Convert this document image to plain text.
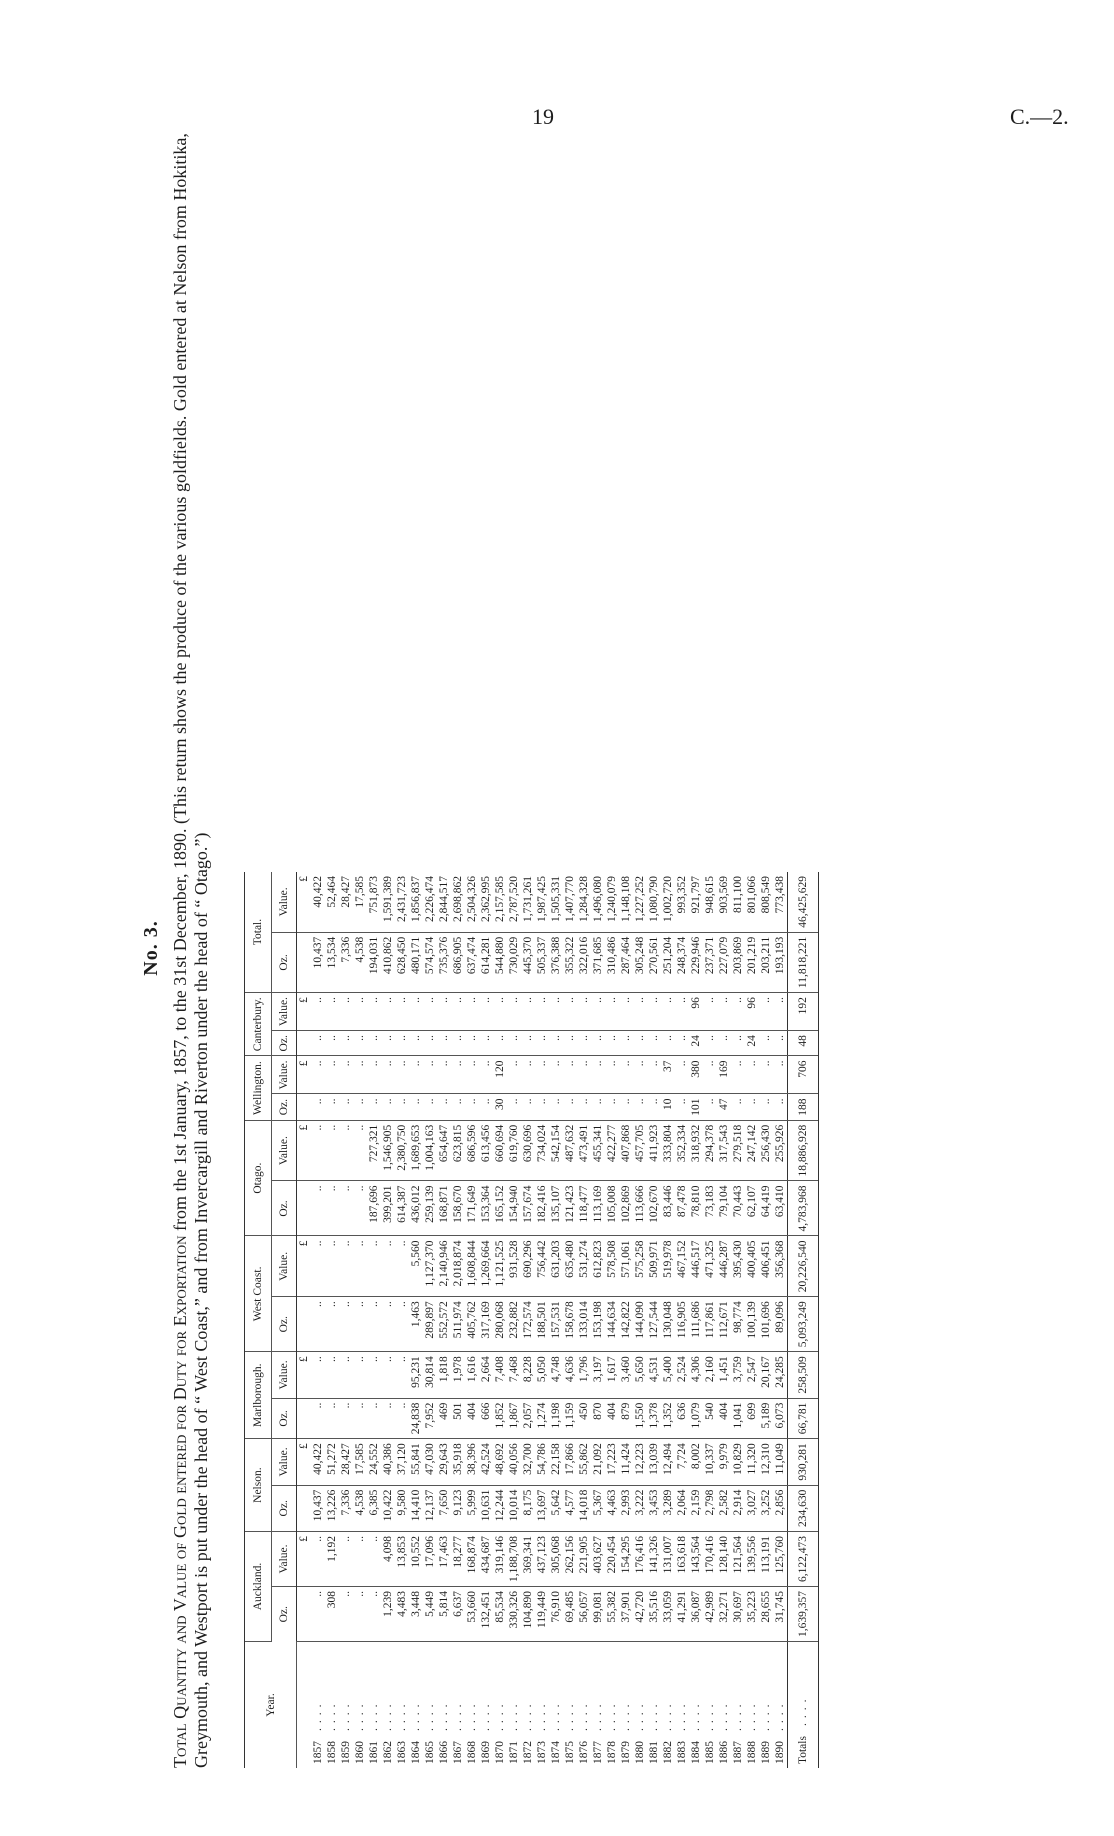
19	C.—2.
No. 3.
Total Quantity and Value of Gold entered for Duty for Exportation from the 1st January, 1857, to the 31st December, 1890. (This return shows the produce of the various goldfields. Gold entered at Nelson from Hokitika, Greymouth, and Westport is put under the head of “ West Coast,” and from Invercargill and Riverton under the head of “ Otago.”)	Year.	Auckland.		Nelson.		Marlborough.		West Coast.		Otago.		Wellington.		Canterbury.		Total.	
	Oz.	Value.	Oz.	Value.	Oz.	Value.	Oz.	Value.	Oz.	Value.	Oz.	Value.	Oz.	Value.	Oz.	Value.
		£		£		£		£		£		£		£		£
1857....	..	..	10,437	40,422	..	..	..	..	..	..	..	..	..	..	10,437	40,422
1858....	308	1,192	13,226	51,272	..	..	..	..	..	..	..	..	..	..	13,534	52,464
1859....	..	..	7,336	28,427	..	..	..	..	..	..	..	..	..	..	7,336	28,427
1860....	..	..	4,538	17,585	..	..	..	..	..	..	..	..	..	..	4,538	17,585
1861....	..	..	6,385	24,552	..	..	..	..	187,696	727,321	..	..	..	..	194,031	751,873
1862....	1,239	4,098	10,422	40,386	..	..	..	..	399,201	1,546,905	..	..	..	..	410,862	1,591,389
1863....	4,483	13,853	9,580	37,120	..	..	..	..	614,387	2,380,750	..	..	..	..	628,450	2,431,723
1864....	3,448	10,552	14,410	55,841	24,838	95,231	1,463	5,560	436,012	1,689,653	..	..	..	..	480,171	1,856,837
1865....	5,449	17,096	12,137	47,030	7,952	30,814	289,897	1,127,370	259,139	1,004,163	..	..	..	..	574,574	2,226,474
1866....	5,814	17,463	7,650	29,643	469	1,818	552,572	2,140,946	168,871	654,647	..	..	..	..	735,376	2,844,517
1867....	6,637	18,277	9,123	35,918	501	1,978	511,974	2,018,874	158,670	623,815	..	..	..	..	686,905	2,698,862
1868....	53,660	168,874	5,999	38,396	404	1,616	405,762	1,608,844	171,649	686,596	..	..	..	..	637,474	2,504,326
1869....	132,451	434,687	10,631	42,524	666	2,664	317,169	1,269,664	153,364	613,456	..	..	..	..	614,281	2,362,995
1870....	85,534	319,146	12,244	48,692	1,852	7,408	280,068	1,121,525	165,152	660,694	30	120	..	..	544,880	2,157,585
1871....	330,326	1,188,708	10,014	40,056	1,867	7,468	232,882	931,528	154,940	619,760	..	..	..	..	730,029	2,787,520
1872....	104,890	369,341	8,175	32,700	2,057	8,228	172,574	690,296	157,674	630,696	..	..	..	..	445,370	1,731,261
1873....	119,449	437,123	13,697	54,786	1,274	5,050	188,501	756,442	182,416	734,024	..	..	..	..	505,337	1,987,425
1874....	76,910	305,068	5,642	22,158	1,198	4,748	157,531	631,203	135,107	542,154	..	..	..	..	376,388	1,505,331
1875....	69,485	262,156	4,577	17,866	1,159	4,636	158,678	635,480	121,423	487,632	..	..	..	..	355,322	1,407,770
1876....	56,057	221,905	14,018	55,862	450	1,796	133,014	531,274	118,477	473,491	..	..	..	..	322,016	1,284,328
1877....	99,081	403,627	5,367	21,092	870	3,197	153,198	612,823	113,169	455,341	..	..	..	..	371,685	1,496,080
1878....	55,382	220,454	4,463	17,223	404	1,617	144,634	578,508	105,008	422,277	..	..	..	..	310,486	1,240,079
1879....	37,901	154,295	2,993	11,424	879	3,460	142,822	571,061	102,869	407,868	..	..	..	..	287,464	1,148,108
1880....	42,720	176,416	3,222	12,223	1,550	5,650	144,090	575,258	113,666	457,705	..	..	..	..	305,248	1,227,252
1881....	35,516	141,326	3,453	13,039	1,378	4,531	127,544	509,971	102,670	411,923	..	..	..	..	270,561	1,080,790
1882....	33,059	131,007	3,289	12,494	1,352	5,400	130,048	519,978	83,446	333,804	10	37	..	..	251,204	1,002,720
1883....	41,291	163,618	2,064	7,724	636	2,524	116,905	467,152	87,478	352,334	..	..	..	..	248,374	993,352
1884....	36,087	143,564	2,159	8,002	1,079	4,306	111,686	446,517	78,810	318,932	101	380	24	96	229,946	921,797
1885....	42,989	170,416	2,798	10,337	540	2,160	117,861	471,325	73,183	294,378	..	..	..	..	237,371	948,615
1886....	32,271	128,140	2,582	9,979	404	1,451	112,671	446,287	79,104	317,543	47	169	..	..	227,079	903,569
1887....	30,697	121,564	2,914	10,829	1,041	3,759	98,774	395,430	70,443	279,518	..	..	..	..	203,869	811,100
1888....	35,223	139,556	3,027	11,320	699	2,547	100,139	400,405	62,107	247,142	..	..	24	96	201,219	801,066
1889....	28,655	113,191	3,252	12,310	5,189	20,167	101,696	406,451	64,419	256,430	..	..	..	..	203,211	808,549
1890....	31,745	125,760	2,856	11,049	6,073	24,285	89,096	356,368	63,410	255,926	..	..	..	..	193,193	773,438
Totals....	1,639,357	6,122,473	234,630	930,281	66,781	258,509	5,093,249	20,226,540	4,783,968	18,886,928	188	706	48	192	11,818,221	46,425,629
